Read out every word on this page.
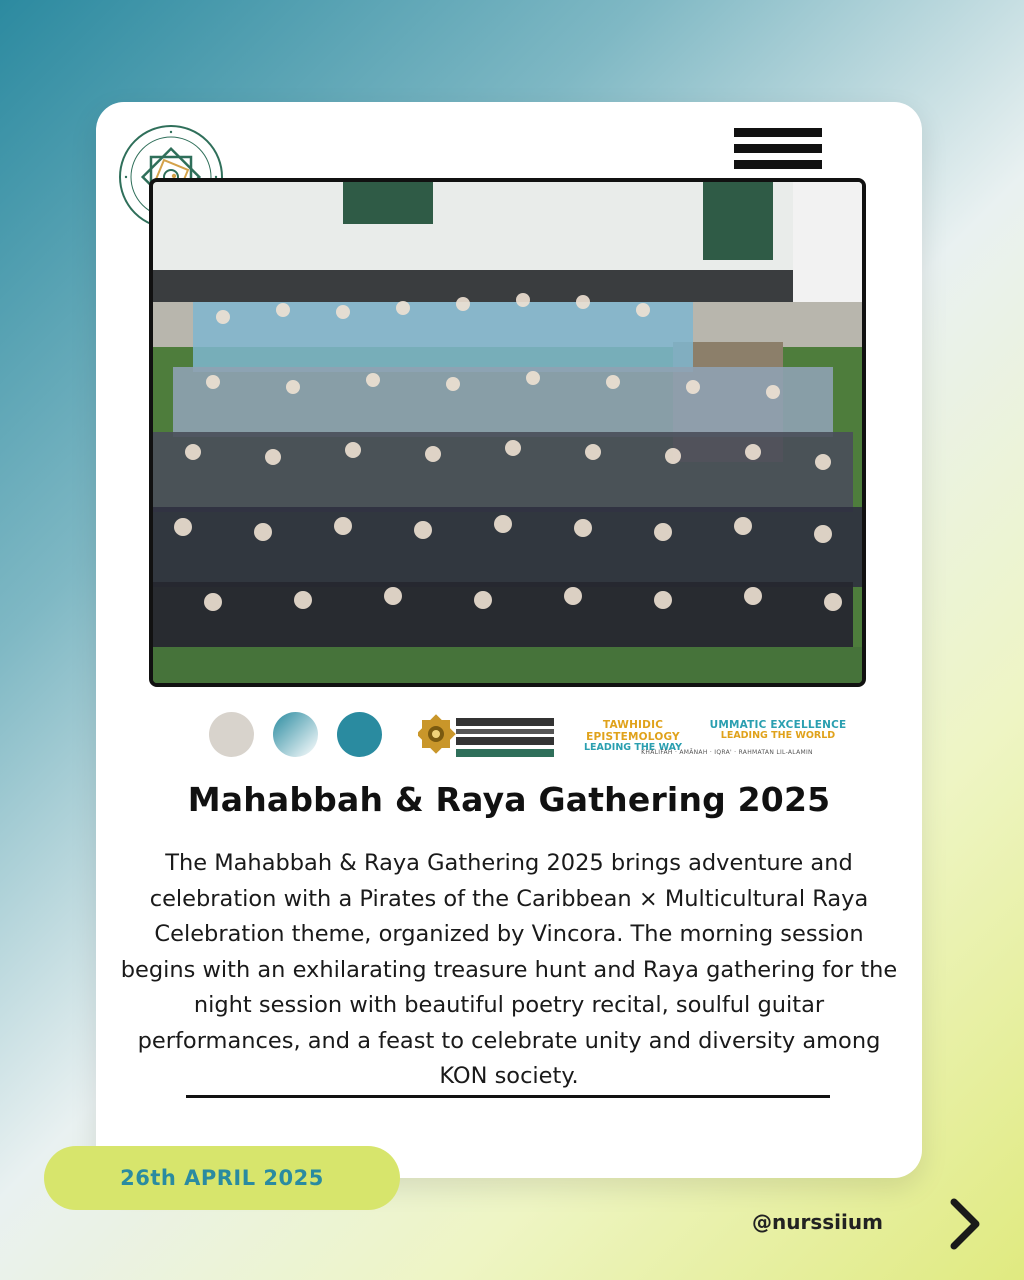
TAWHIDIC EPISTEMOLOGY
LEADING THE WAY
UMMATIC EXCELLENCE
LEADING THE WORLD
KHALIFAH · AMĀNAH · IQRA' · RAHMATAN LIL-ALAMIN
Mahabbah & Raya Gathering 2025
The Mahabbah & Raya Gathering 2025 brings adventure and celebration with a Pirates of the Caribbean × Multicultural Raya Celebration theme, organized by Vincora. The morning session begins with an exhilarating treasure hunt and Raya gathering for the night session with beautiful poetry recital, soulful guitar performances, and a feast to celebrate unity and diversity among KON society.
26th APRIL 2025
@nurssiium
